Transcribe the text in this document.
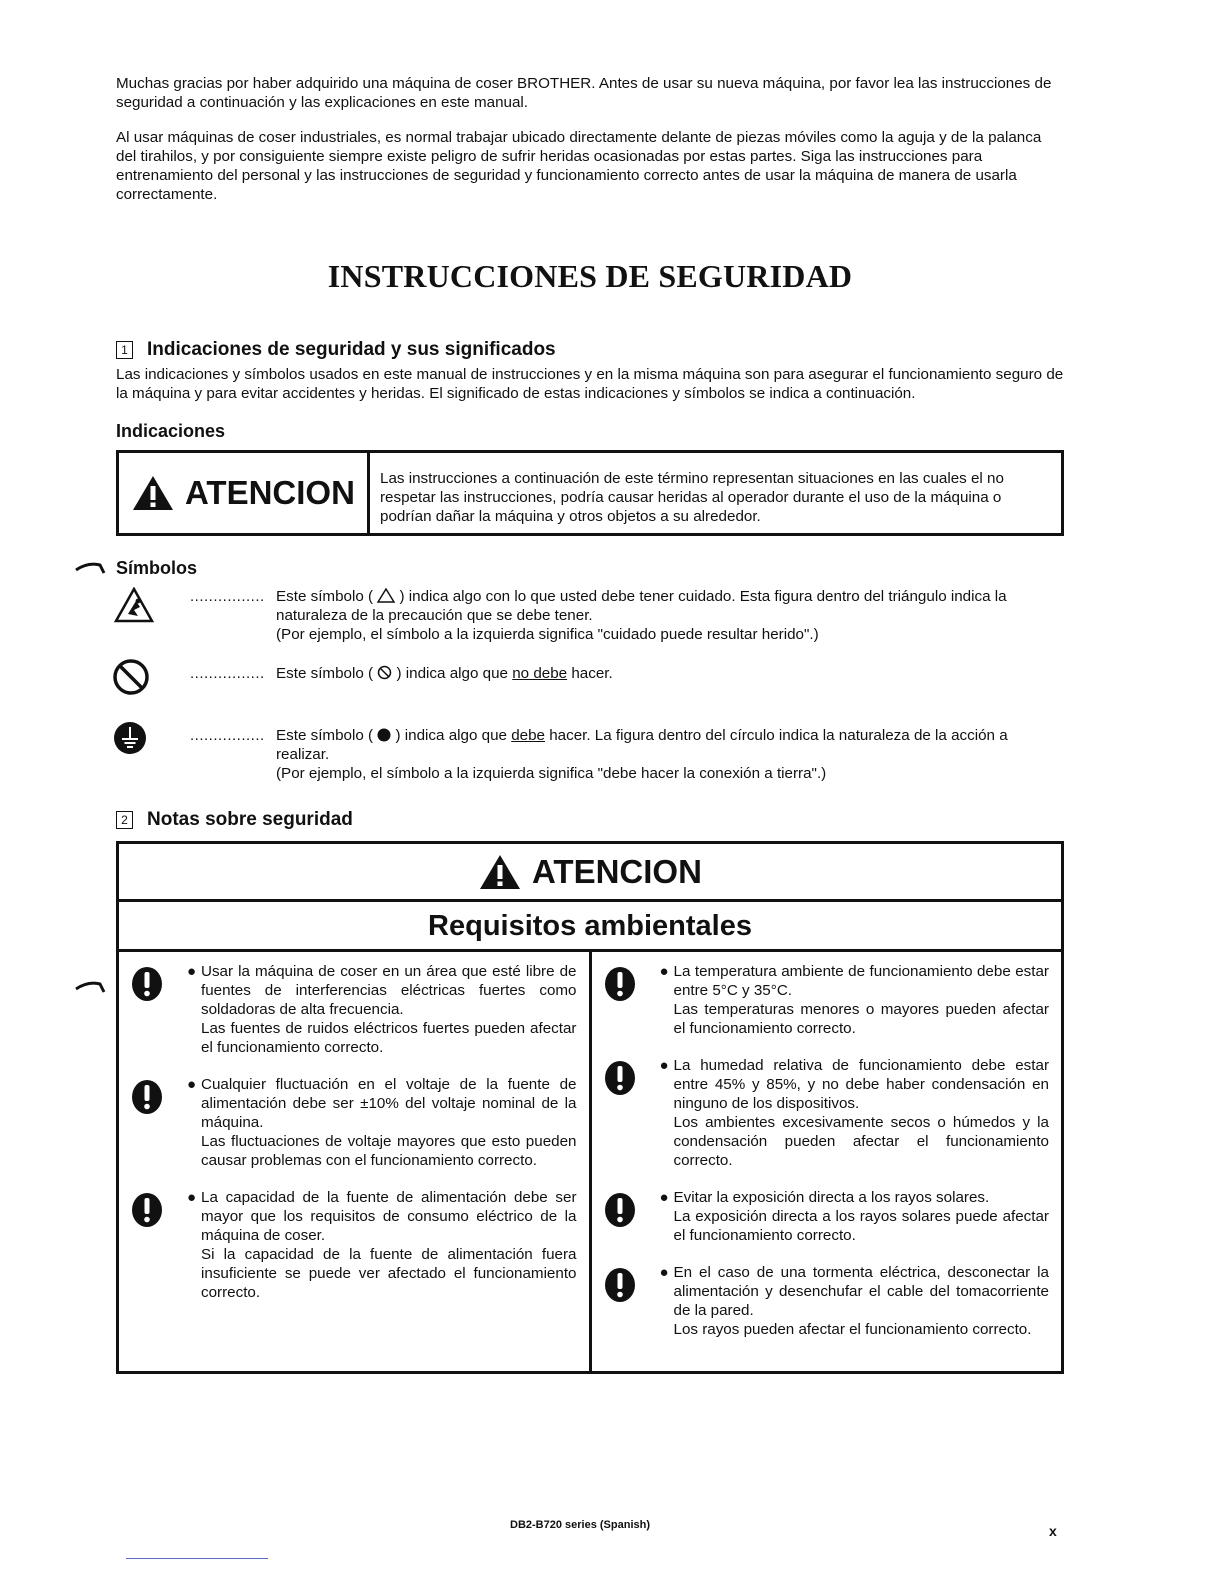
Muchas gracias por haber adquirido una máquina de coser BROTHER. Antes de usar su nueva máquina, por favor lea las instrucciones de seguridad a continuación y las explicaciones en este manual.

Al usar máquinas de coser industriales, es normal trabajar ubicado directamente delante de piezas móviles como la aguja y de la palanca del tirahilos, y por consiguiente siempre existe peligro de sufrir heridas ocasionadas por estas partes. Siga las instrucciones para entrenamiento del personal y las instrucciones de seguridad y funcionamiento correcto antes de usar la máquina de manera de usarla correctamente.

INSTRUCCIONES DE SEGURIDAD
1 Indicaciones de seguridad y sus significados

Las indicaciones y símbolos usados en este manual de instrucciones y en la misma máquina son para asegurar el funcionamiento seguro de la máquina y para evitar accidentes y heridas. El significado de estas indicaciones y símbolos se indica a continuación.

Indicaciones
ATENCION	Las instrucciones a continuación de este término representan situaciones en las cuales el no respetar las instrucciones, podría causar heridas al operador durante el uso de la máquina o podrían dañar la máquina y otros objetos a su alrededor.
Símbolos
................ Este símbolo (  ) indica algo con lo que usted debe tener cuidado. Esta figura dentro del triángulo indica la naturaleza de la precaución que se debe tener.
(Por ejemplo, el símbolo a la izquierda significa "cuidado puede resultar herido".)
................ Este símbolo (  ) indica algo que no debe hacer.
................ Este símbolo (  ) indica algo que debe hacer. La figura dentro del círculo indica la naturaleza de la acción a realizar.
(Por ejemplo, el símbolo a la izquierda significa "debe hacer la conexión a tierra".)
2 Notas sobre seguridad
ATENCION
Requisitos ambientales
● Usar la máquina de coser en un área que esté libre de fuentes de interferencias eléctricas fuertes como soldadoras de alta frecuencia.
Las fuentes de ruidos eléctricos fuertes pueden afectar el funcionamiento correcto.
● Cualquier fluctuación en el voltaje de la fuente de alimentación debe ser ±10% del voltaje nominal de la máquina.
Las fluctuaciones de voltaje mayores que esto pueden causar problemas con el funcionamiento correcto.
● La capacidad de la fuente de alimentación debe ser mayor que los requisitos de consumo eléctrico de la máquina de coser.
Si la capacidad de la fuente de alimentación fuera insuficiente se puede ver afectado el funcionamiento correcto.
● La temperatura ambiente de funcionamiento debe estar entre 5°C y 35°C.
Las temperaturas menores o mayores pueden afectar el funcionamiento correcto.
● La humedad relativa de funcionamiento debe estar entre 45% y 85%, y no debe haber condensación en ninguno de los dispositivos.
Los ambientes excesivamente secos o húmedos y la condensación pueden afectar el funcionamiento correcto.
● Evitar la exposición directa a los rayos solares.
La exposición directa a los rayos solares puede afectar el funcionamiento correcto.
● En el caso de una tormenta eléctrica, desconectar la alimentación y desenchufar el cable del tomacorriente de la pared.
Los rayos pueden afectar el funcionamiento correcto.
DB2-B720 series (Spanish)	x
